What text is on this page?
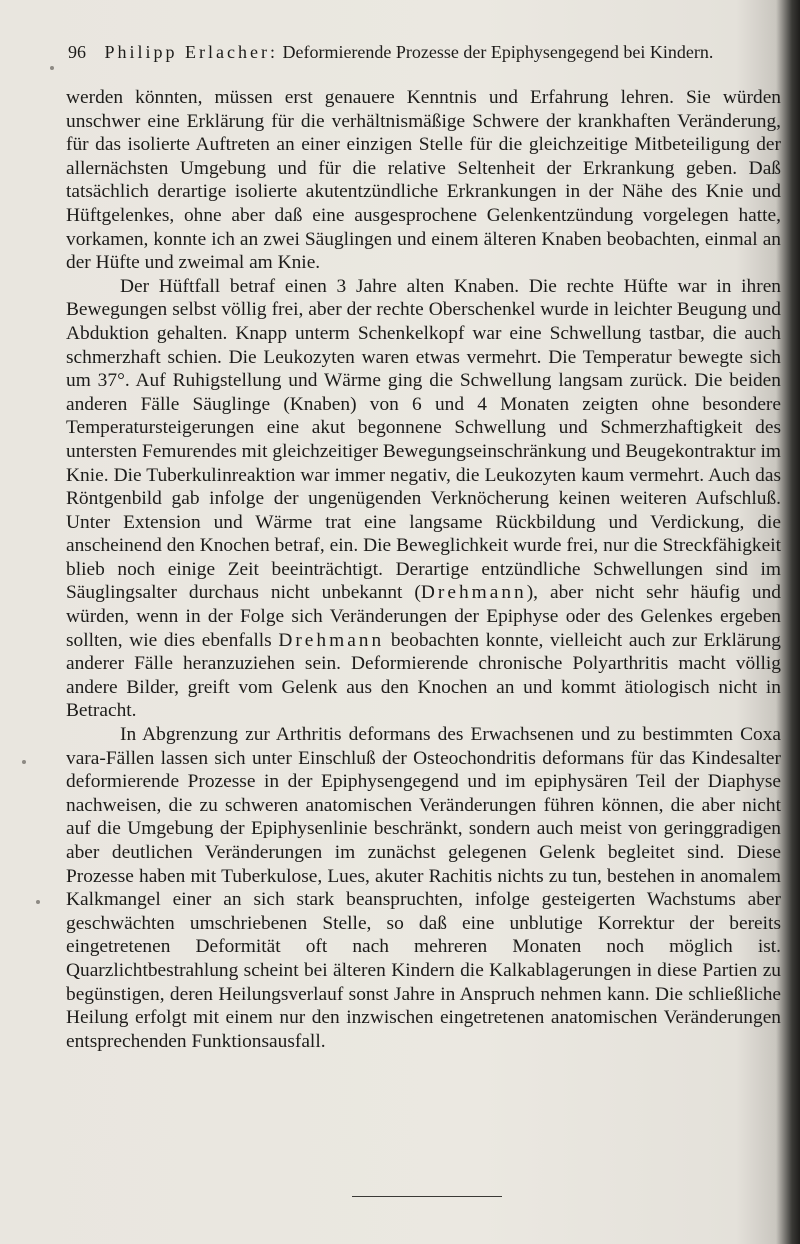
96 Philipp Erlacher: Deformierende Prozesse der Epiphysengegend bei Kindern.

werden könnten, müssen erst genauere Kenntnis und Erfahrung lehren. Sie würden unschwer eine Erklärung für die verhältnismäßige Schwere der krankhaften Veränderung, für das isolierte Auftreten an einer einzigen Stelle für die gleichzeitige Mitbeteiligung der allernächsten Umgebung und für die relative Seltenheit der Erkrankung geben. Daß tatsächlich derartige isolierte akutentzündliche Erkrankungen in der Nähe des Knie und Hüftgelenkes, ohne aber daß eine ausgesprochene Gelenkentzündung vorgelegen hatte, vorkamen, konnte ich an zwei Säuglingen und einem älteren Knaben beobachten, einmal an der Hüfte und zweimal am Knie.

Der Hüftfall betraf einen 3 Jahre alten Knaben. Die rechte Hüfte war in ihren Bewegungen selbst völlig frei, aber der rechte Oberschenkel wurde in leichter Beugung und Abduktion gehalten. Knapp unterm Schenkelkopf war eine Schwellung tastbar, die auch schmerzhaft schien. Die Leukozyten waren etwas vermehrt. Die Temperatur bewegte sich um 37°. Auf Ruhigstellung und Wärme ging die Schwellung langsam zurück. Die beiden anderen Fälle Säuglinge (Knaben) von 6 und 4 Monaten zeigten ohne besondere Temperatursteigerungen eine akut begonnene Schwellung und Schmerzhaftigkeit des untersten Femurendes mit gleichzeitiger Bewegungseinschränkung und Beugekontraktur im Knie. Die Tuberkulinreaktion war immer negativ, die Leukozyten kaum vermehrt. Auch das Röntgenbild gab infolge der ungenügenden Verknöcherung keinen weiteren Aufschluß. Unter Extension und Wärme trat eine langsame Rückbildung und Verdickung, die anscheinend den Knochen betraf, ein. Die Beweglichkeit wurde frei, nur die Streckfähigkeit blieb noch einige Zeit beeinträchtigt. Derartige entzündliche Schwellungen sind im Säuglingsalter durchaus nicht unbekannt (Drehmann), aber nicht sehr häufig und würden, wenn in der Folge sich Veränderungen der Epiphyse oder des Gelenkes ergeben sollten, wie dies ebenfalls Drehmann beobachten konnte, vielleicht auch zur Erklärung anderer Fälle heranzuziehen sein. Deformierende chronische Polyarthritis macht völlig andere Bilder, greift vom Gelenk aus den Knochen an und kommt ätiologisch nicht in Betracht.

In Abgrenzung zur Arthritis deformans des Erwachsenen und zu bestimmten Coxa vara-Fällen lassen sich unter Einschluß der Osteochondritis deformans für das Kindesalter deformierende Prozesse in der Epiphysengegend und im epiphysären Teil der Diaphyse nachweisen, die zu schweren anatomischen Veränderungen führen können, die aber nicht auf die Umgebung der Epiphysenlinie beschränkt, sondern auch meist von geringgradigen aber deutlichen Veränderungen im zunächst gelegenen Gelenk begleitet sind. Diese Prozesse haben mit Tuberkulose, Lues, akuter Rachitis nichts zu tun, bestehen in anomalem Kalkmangel einer an sich stark beanspruchten, infolge gesteigerten Wachstums aber geschwächten umschriebenen Stelle, so daß eine unblutige Korrektur der bereits eingetretenen Deformität oft nach mehreren Monaten noch möglich ist. Quarzlichtbestrahlung scheint bei älteren Kindern die Kalkablagerungen in diese Partien zu begünstigen, deren Heilungsverlauf sonst Jahre in Anspruch nehmen kann. Die schließliche Heilung erfolgt mit einem nur den inzwischen eingetretenen anatomischen Veränderungen entsprechenden Funktionsausfall.
